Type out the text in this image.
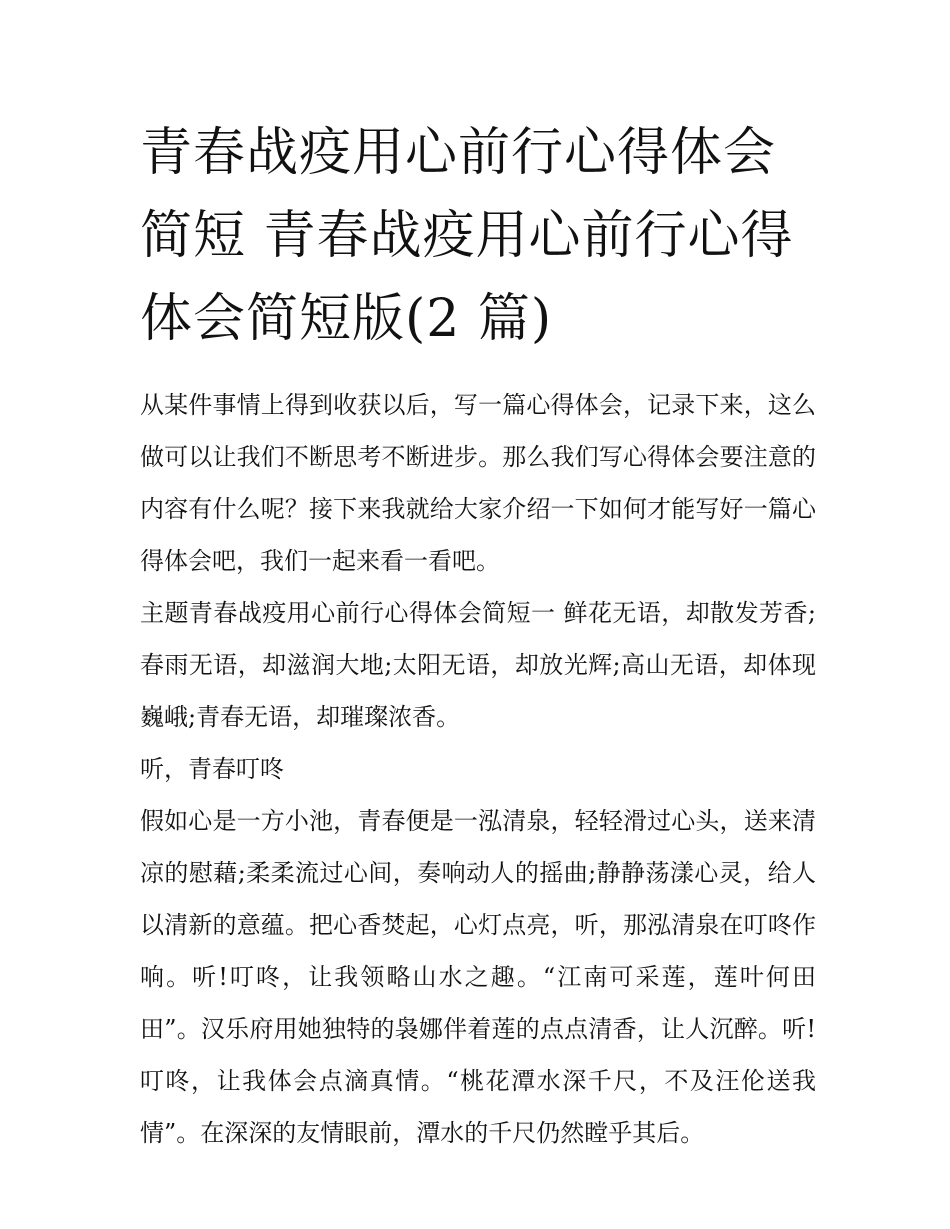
青春战疫用心前行心得体会简短 青春战疫用心前行心得体会简短版(2 篇)

从某件事情上得到收获以后，写一篇心得体会，记录下来，这么做可以让我们不断思考不断进步。那么我们写心得体会要注意的内容有什么呢？接下来我就给大家介绍一下如何才能写好一篇心得体会吧，我们一起来看一看吧。

主题青春战疫用心前行心得体会简短一 鲜花无语，却散发芳香;春雨无语，却滋润大地;太阳无语，却放光辉;高山无语，却体现巍峨;青春无语，却璀璨浓香。

听，青春叮咚

假如心是一方小池，青春便是一泓清泉，轻轻滑过心头，送来清凉的慰藉;柔柔流过心间，奏响动人的摇曲;静静荡漾心灵，给人以清新的意蕴。把心香焚起，心灯点亮，听，那泓清泉在叮咚作响。听!叮咚，让我领略山水之趣。“江南可采莲，莲叶何田田”。汉乐府用她独特的袅娜伴着莲的点点清香，让人沉醉。听!叮咚，让我体会点滴真情。“桃花潭水深千尺，不及汪伦送我情”。在深深的友情眼前，潭水的千尺仍然瞠乎其后。
